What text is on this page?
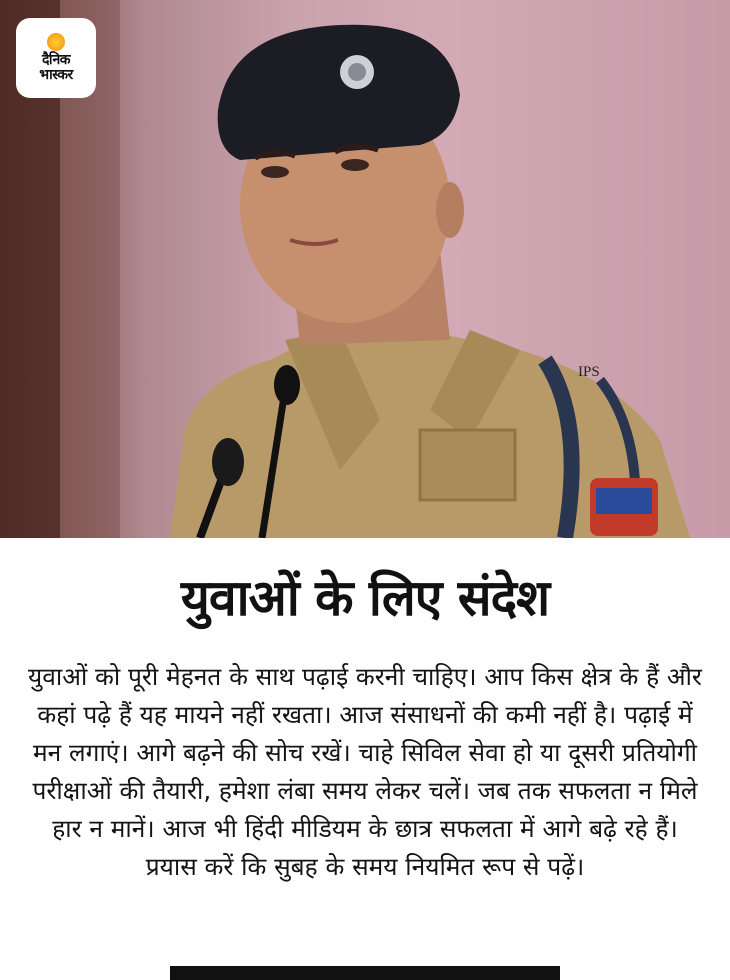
IPS
दैनिक
भास्कर
युवाओं के लिए संदेश
युवाओं को पूरी मेहनत के साथ पढ़ाई करनी चाहिए। आप किस क्षेत्र के हैं और कहां पढ़े हैं यह मायने नहीं रखता। आज संसाधनों की कमी नहीं है। पढ़ाई में मन लगाएं। आगे बढ़ने की सोच रखें। चाहे सिविल सेवा हो या दूसरी प्रतियोगी परीक्षाओं की तैयारी, हमेशा लंबा समय लेकर चलें। जब तक सफलता न मिले हार न मानें। आज भी हिंदी मीडियम के छात्र सफलता में आगे बढ़े रहे हैं। प्रयास करें कि सुबह के समय नियमित रूप से पढ़ें।
